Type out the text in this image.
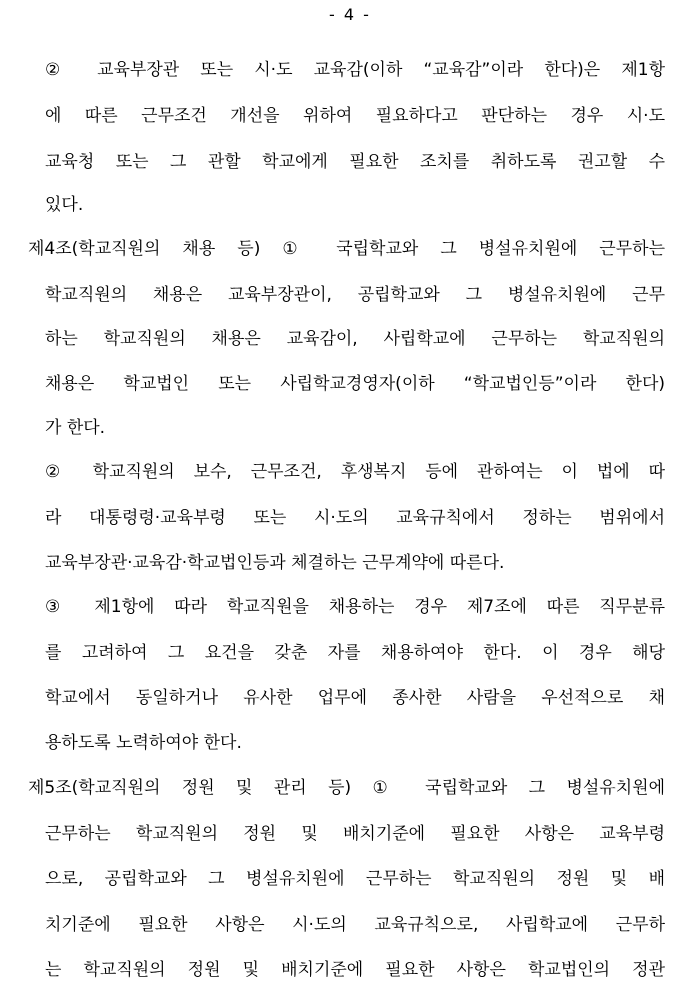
- 4 -
② 교육부장관 또는 시·도 교육감(이하 “교육감”이라 한다)은 제1항
에 따른 근무조건 개선을 위하여 필요하다고 판단하는 경우 시·도
교육청 또는 그 관할 학교에게 필요한 조치를 취하도록 권고할 수
있다.
제4조(학교직원의 채용 등) ① 국립학교와 그 병설유치원에 근무하는
학교직원의 채용은 교육부장관이, 공립학교와 그 병설유치원에 근무
하는 학교직원의 채용은 교육감이, 사립학교에 근무하는 학교직원의
채용은 학교법인 또는 사립학교경영자(이하 “학교법인등”이라 한다)
가 한다.
② 학교직원의 보수, 근무조건, 후생복지 등에 관하여는 이 법에 따
라 대통령령·교육부령 또는 시·도의 교육규칙에서 정하는 범위에서
교육부장관·교육감·학교법인등과 체결하는 근무계약에 따른다.
③ 제1항에 따라 학교직원을 채용하는 경우 제7조에 따른 직무분류
를 고려하여 그 요건을 갖춘 자를 채용하여야 한다. 이 경우 해당
학교에서 동일하거나 유사한 업무에 종사한 사람을 우선적으로 채
용하도록 노력하여야 한다.
제5조(학교직원의 정원 및 관리 등) ① 국립학교와 그 병설유치원에
근무하는 학교직원의 정원 및 배치기준에 필요한 사항은 교육부령
으로, 공립학교와 그 병설유치원에 근무하는 학교직원의 정원 및 배
치기준에 필요한 사항은 시·도의 교육규칙으로, 사립학교에 근무하
는 학교직원의 정원 및 배치기준에 필요한 사항은 학교법인의 정관
